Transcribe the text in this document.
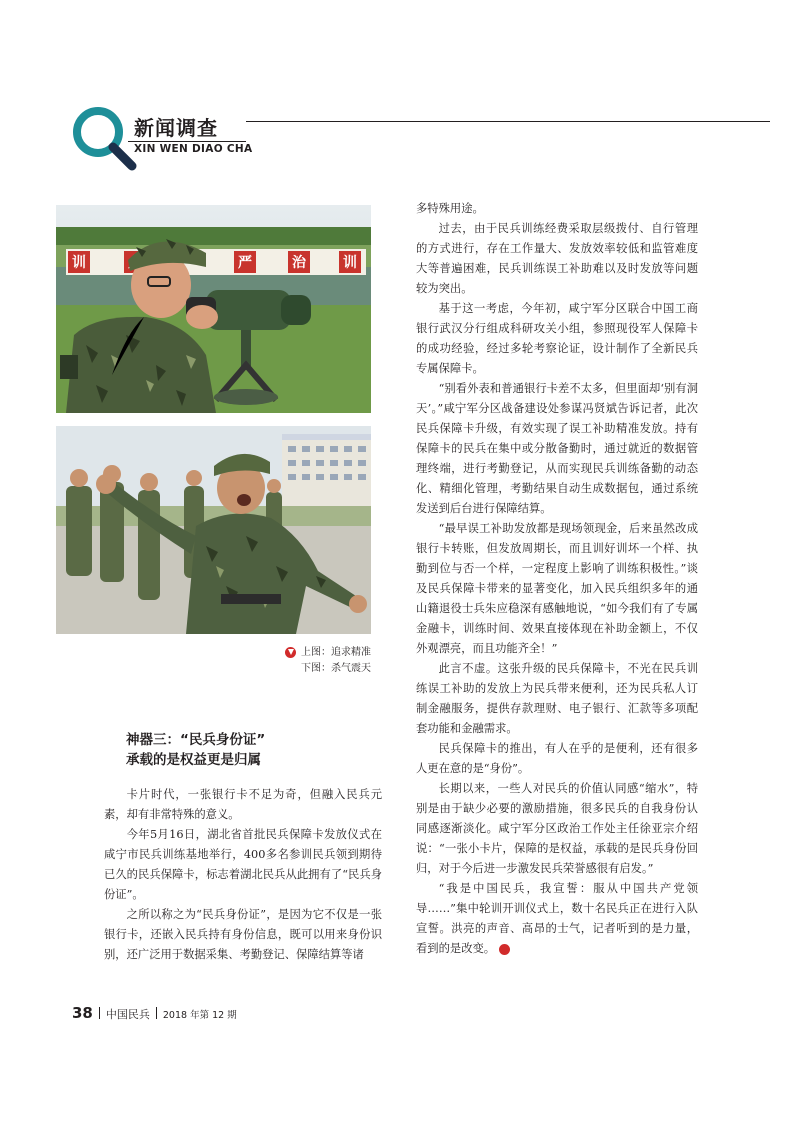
新闻调查
XIN WEN DIAO CHA
训	严	治	训
上图：追求精准
下图：杀气震天
神器三：“民兵身份证”
承载的是权益更是归属

卡片时代，一张银行卡不足为奇，但融入民兵元素，却有非常特殊的意义。

今年5月16日，湖北省首批民兵保障卡发放仪式在咸宁市民兵训练基地举行，400多名参训民兵领到期待已久的民兵保障卡，标志着湖北民兵从此拥有了“民兵身份证”。

之所以称之为“民兵身份证”，是因为它不仅是一张银行卡，还嵌入民兵持有身份信息，既可以用来身份识别，还广泛用于数据采集、考勤登记、保障结算等诸

多特殊用途。

过去，由于民兵训练经费采取层级拨付、自行管理的方式进行，存在工作量大、发放效率较低和监管难度大等普遍困难，民兵训练误工补助难以及时发放等问题较为突出。

基于这一考虑，今年初，咸宁军分区联合中国工商银行武汉分行组成科研攻关小组，参照现役军人保障卡的成功经验，经过多轮考察论证，设计制作了全新民兵专属保障卡。

“别看外表和普通银行卡差不太多，但里面却‘别有洞天’。”咸宁军分区战备建设处参谋冯贤斌告诉记者，此次民兵保障卡升级，有效实现了误工补助精准发放。持有保障卡的民兵在集中或分散备勤时，通过就近的数据管理终端，进行考勤登记，从而实现民兵训练备勤的动态化、精细化管理，考勤结果自动生成数据包，通过系统发送到后台进行保障结算。

“最早误工补助发放都是现场领现金，后来虽然改成银行卡转账，但发放周期长，而且训好训坏一个样、执勤到位与否一个样，一定程度上影响了训练积极性。”谈及民兵保障卡带来的显著变化，加入民兵组织多年的通山籍退役士兵朱应稳深有感触地说，“如今我们有了专属金融卡，训练时间、效果直接体现在补助金额上，不仅外观漂亮，而且功能齐全！”

此言不虚。这张升级的民兵保障卡，不光在民兵训练误工补助的发放上为民兵带来便利，还为民兵私人订制金融服务，提供存款理财、电子银行、汇款等多项配套功能和金融需求。

民兵保障卡的推出，有人在乎的是便利，还有很多人更在意的是“身份”。

长期以来，一些人对民兵的价值认同感“缩水”，特别是由于缺少必要的激励措施，很多民兵的自我身份认同感逐渐淡化。咸宁军分区政治工作处主任徐亚宗介绍说：“一张小卡片，保障的是权益，承载的是民兵身份回归，对于今后进一步激发民兵荣誉感很有启发。”

“我是中国民兵，我宣誓：服从中国共产党领导……”集中轮训开训仪式上，数十名民兵正在进行入队宣誓。洪亮的声音、高昂的士气，记者听到的是力量，看到的是改变。	⚜

38 中国民兵 2018 年第 12 期
